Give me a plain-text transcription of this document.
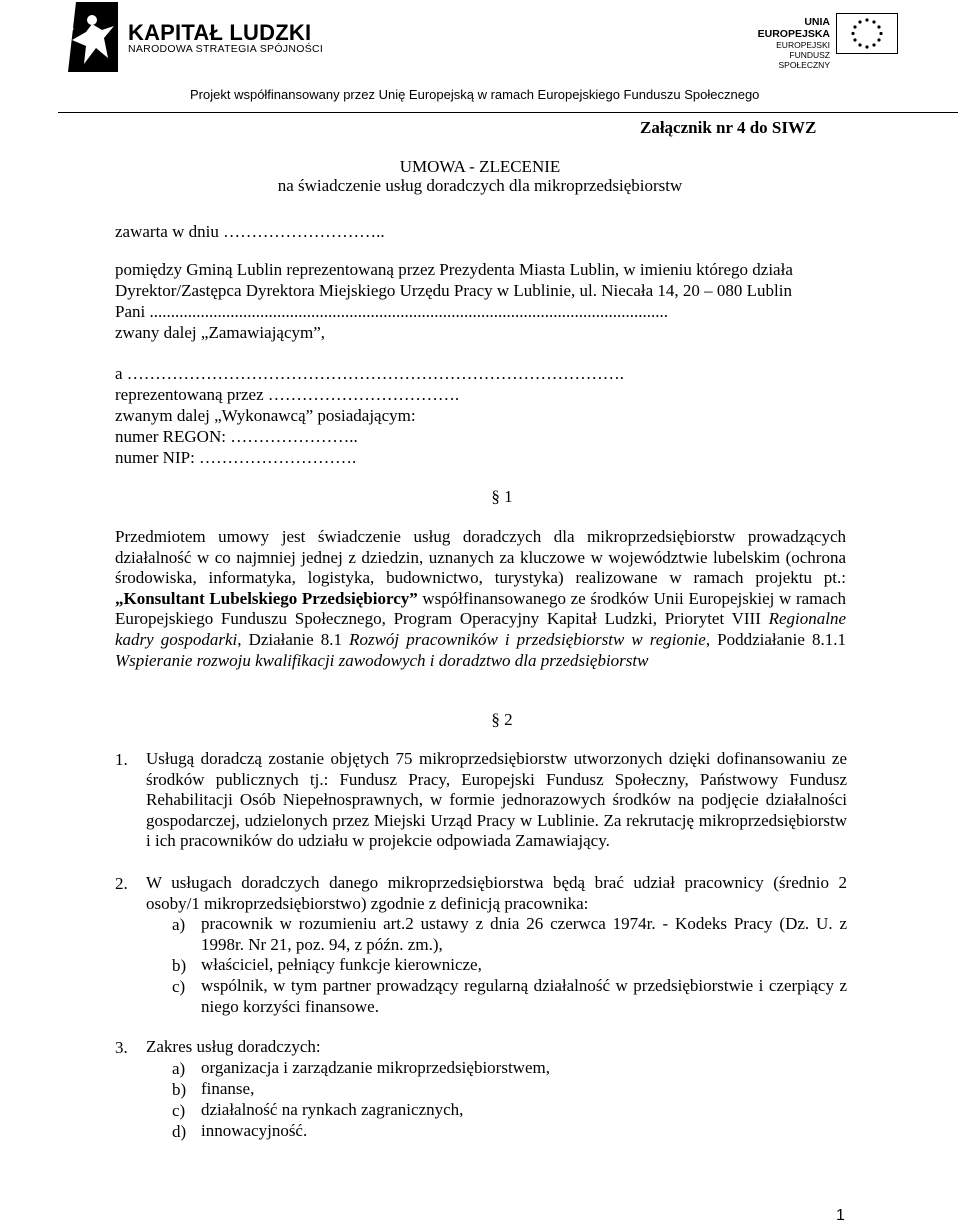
KAPITAŁ LUDZKI
NARODOWA STRATEGIA SPÓJNOŚCI
UNIA EUROPEJSKA
EUROPEJSKI
FUNDUSZ SPOŁECZNY
Projekt współfinansowany przez Unię Europejską w ramach Europejskiego Funduszu Społecznego
Załącznik nr 4 do SIWZ
UMOWA - ZLECENIE
na świadczenie usług doradczych dla mikroprzedsiębiorstw
zawarta w dniu ………………………..
pomiędzy Gminą Lublin reprezentowaną przez Prezydenta Miasta Lublin, w imieniu którego działa
Dyrektor/Zastępca Dyrektora Miejskiego Urzędu Pracy w Lublinie, ul. Niecała 14, 20 – 080 Lublin
Pani ..........................................................................................................................
zwany dalej „Zamawiającym”,
a …………………………………………………………………………….
reprezentowaną przez …………………………….
zwanym dalej „Wykonawcą” posiadającym:
numer REGON: …………………..
numer NIP: ……………………….
§ 1
Przedmiotem umowy jest świadczenie usług doradczych dla mikroprzedsiębiorstw prowadzących działalność w co najmniej jednej z dziedzin, uznanych za kluczowe w województwie lubelskim (ochrona środowiska, informatyka, logistyka, budownictwo, turystyka) realizowane w ramach projektu pt.: „Konsultant Lubelskiego Przedsiębiorcy” współfinansowanego ze środków Unii Europejskiej w ramach Europejskiego Funduszu Społecznego, Program Operacyjny Kapitał Ludzki, Priorytet VIII Regionalne kadry gospodarki, Działanie 8.1 Rozwój pracowników i przedsiębiorstw w regionie, Poddziałanie 8.1.1 Wspieranie rozwoju kwalifikacji zawodowych i doradztwo dla przedsiębiorstw
§ 2
1. Usługą doradczą zostanie objętych 75 mikroprzedsiębiorstw utworzonych dzięki dofinansowaniu ze środków publicznych tj.: Fundusz Pracy, Europejski Fundusz Społeczny, Państwowy Fundusz Rehabilitacji Osób Niepełnosprawnych, w formie jednorazowych środków na podjęcie działalności gospodarczej, udzielonych przez Miejski Urząd Pracy w Lublinie. Za rekrutację mikroprzedsiębiorstw i ich pracowników do udziału w projekcie odpowiada Zamawiający.
2. W usługach doradczych danego mikroprzedsiębiorstwa będą brać udział pracownicy (średnio 2 osoby/1 mikroprzedsiębiorstwo) zgodnie z definicją pracownika:
a) pracownik w rozumieniu art.2 ustawy z dnia 26 czerwca 1974r. - Kodeks Pracy (Dz. U. z 1998r. Nr 21, poz. 94, z późn. zm.),
b) właściciel, pełniący funkcje kierownicze,
c) wspólnik, w tym partner prowadzący regularną działalność w przedsiębiorstwie i czerpiący z niego korzyści finansowe.
3. Zakres usług doradczych:
a) organizacja i zarządzanie mikroprzedsiębiorstwem,
b) finanse,
c) działalność na rynkach zagranicznych,
d) innowacyjność.
1
